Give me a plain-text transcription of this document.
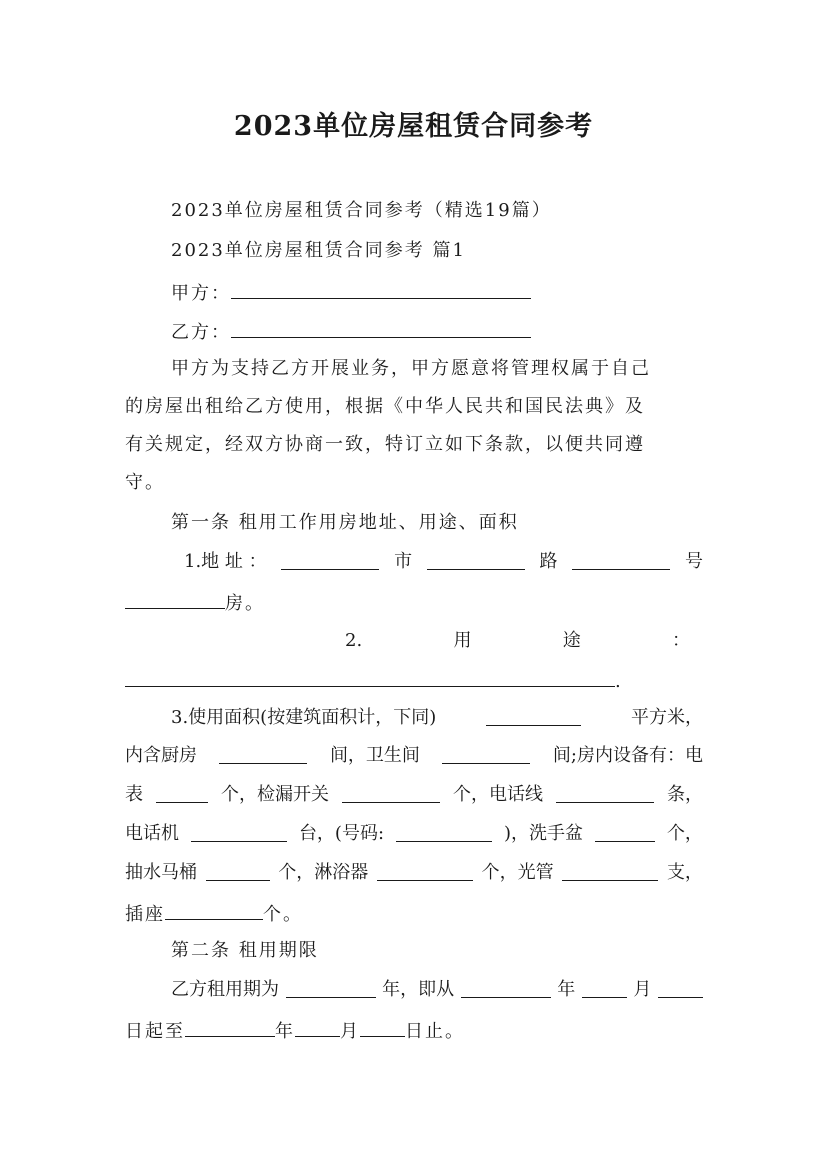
2023单位房屋租赁合同参考
2023单位房屋租赁合同参考（精选19篇）
2023单位房屋租赁合同参考 篇1
甲方：
乙方：
甲方为支持乙方开展业务，甲方愿意将管理权属于自己
的房屋出租给乙方使用，根据《中华人民共和国民法典》及
有关规定，经双方协商一致，特订立如下条款，以便共同遵
守。
第一条 租用工作用房地址、用途、面积
1.地 址 ：	市	路	号
房。
2.	用	途	：
.
3.使用面积(按建筑面积计，下同)	平方米，
内含厨房	间，卫生间	间;房内设备有：电
表	个，检漏开关	个，电话线	条，
电话机	台，(号码:	)，洗手盆	个，
抽水马桶	个，淋浴器	个，光管	支，
插座	个。
第二条 租用期限
乙方租用期为	年，即从	年	月
日起至	年	月	日止。
